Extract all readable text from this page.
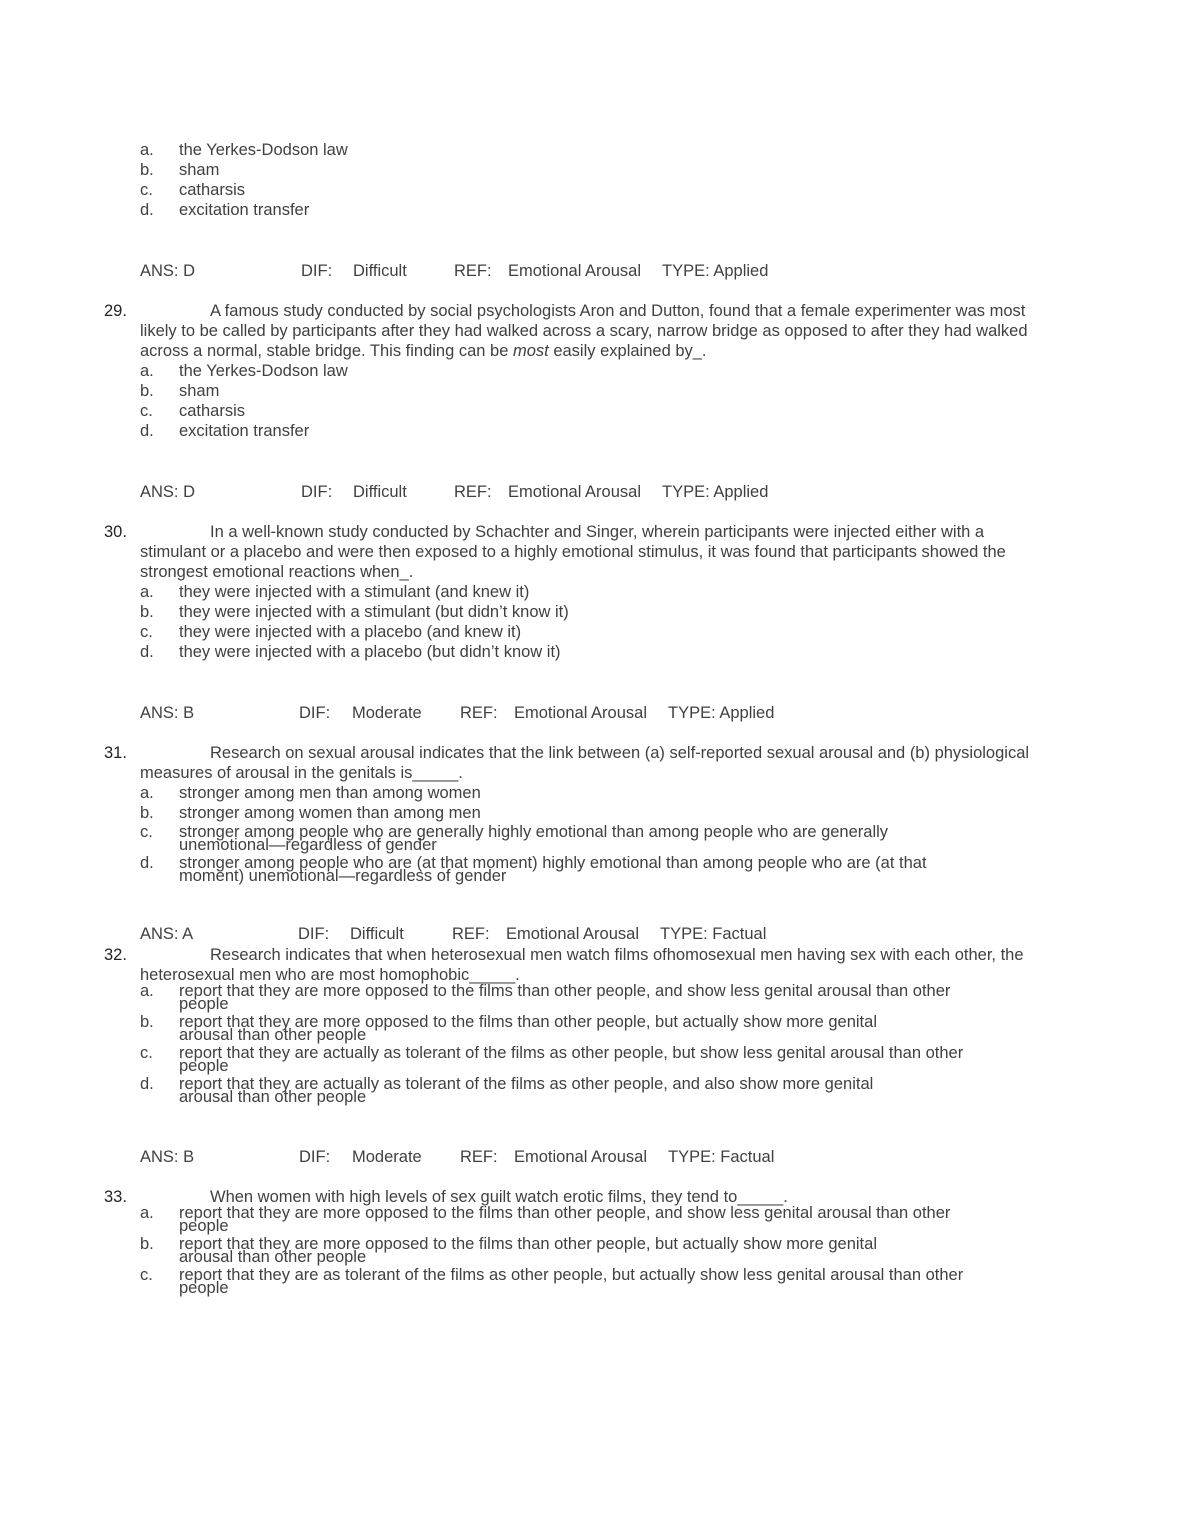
a.	the Yerkes-Dodson law
b.	sham
c.	catharsis
d.	excitation transfer
ANS: D	DIF: Difficult	REF: Emotional Arousal TYPE: Applied
29.	A famous study conducted by social psychologists Aron and Dutton, found that a female experimenter was most likely to be called by participants after they had walked across a scary, narrow bridge as opposed to after they had walked across a normal, stable bridge. This finding can be most easily explained by_.
a.	the Yerkes-Dodson law
b.	sham
c.	catharsis
d.	excitation transfer
ANS: D	DIF: Difficult	REF: Emotional Arousal TYPE: Applied
30.	In a well-known study conducted by Schachter and Singer, wherein participants were injected either with a stimulant or a placebo and were then exposed to a highly emotional stimulus, it was found that participants showed the strongest emotional reactions when_.
a.	they were injected with a stimulant (and knew it)
b.	they were injected with a stimulant (but didn’t know it)
c.	they were injected with a placebo (and knew it)
d.	they were injected with a placebo (but didn’t know it)
ANS: B	DIF: Moderate REF: Emotional Arousal TYPE: Applied
31.	Research on sexual arousal indicates that the link between (a) self-reported sexual arousal and (b) physiological measures of arousal in the genitals is_____.
a.	stronger among men than among women
b.	stronger among women than among men
c.	stronger among people who are generally highly emotional than among people who are generally unemotional—regardless of gender
d.	stronger among people who are (at that moment) highly emotional than among people who are (at that moment) unemotional—regardless of gender
ANS: A	DIF: Difficult	REF: Emotional Arousal TYPE: Factual
32.	Research indicates that when heterosexual men watch films ofhomosexual men having sex with each other, the heterosexual men who are most homophobic_____.
a.	report that they are more opposed to the films than other people, and show less genital arousal than other people
b.	report that they are more opposed to the films than other people, but actually show more genital arousal than other people
c.	report that they are actually as tolerant of the films as other people, but show less genital arousal than other people
d.	report that they are actually as tolerant of the films as other people, and also show more genital arousal than other people
ANS: B	DIF: Moderate REF: Emotional Arousal TYPE: Factual
33.	When women with high levels of sex guilt watch erotic films, they tend to_____.
a.	report that they are more opposed to the films than other people, and show less genital arousal than other people
b.	report that they are more opposed to the films than other people, but actually show more genital arousal than other people
c.	report that they are as tolerant of the films as other people, but actually show less genital arousal than other people
